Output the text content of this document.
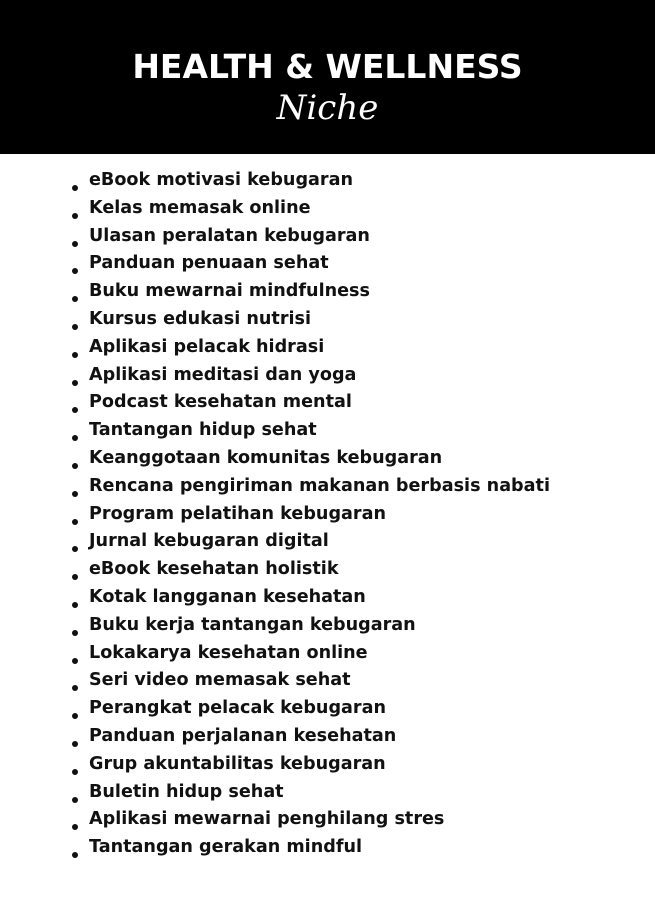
HEALTH & WELLNESS
Niche
eBook motivasi kebugaran
Kelas memasak online
Ulasan peralatan kebugaran
Panduan penuaan sehat
Buku mewarnai mindfulness
Kursus edukasi nutrisi
Aplikasi pelacak hidrasi
Aplikasi meditasi dan yoga
Podcast kesehatan mental
Tantangan hidup sehat
Keanggotaan komunitas kebugaran
Rencana pengiriman makanan berbasis nabati
Program pelatihan kebugaran
Jurnal kebugaran digital
eBook kesehatan holistik
Kotak langganan kesehatan
Buku kerja tantangan kebugaran
Lokakarya kesehatan online
Seri video memasak sehat
Perangkat pelacak kebugaran
Panduan perjalanan kesehatan
Grup akuntabilitas kebugaran
Buletin hidup sehat
Aplikasi mewarnai penghilang stres
Tantangan gerakan mindful
